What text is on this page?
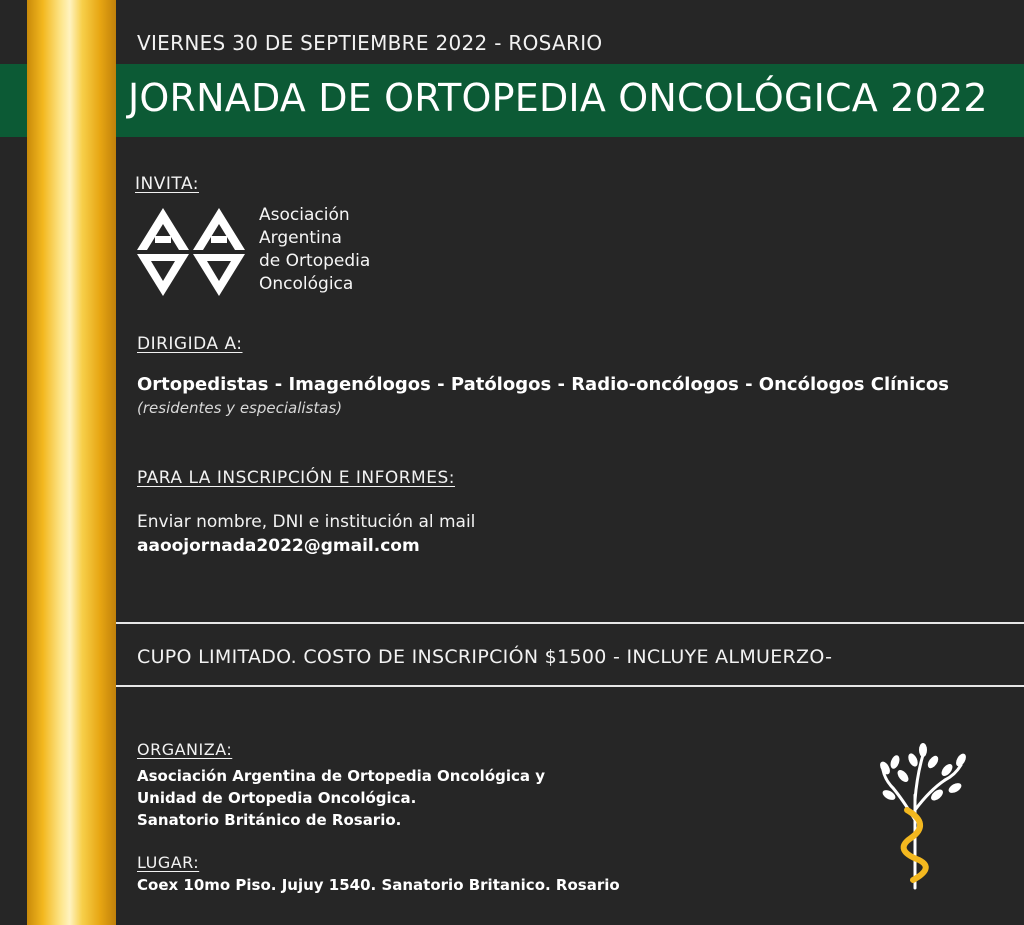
VIERNES 30 DE SEPTIEMBRE 2022 - ROSARIO
JORNADA DE ORTOPEDIA ONCOLÓGICA 2022
INVITA:
Asociación
Argentina
de Ortopedia
Oncológica
DIRIGIDA A:
Ortopedistas - Imagenólogos - Patólogos - Radio-oncólogos - Oncólogos Clínicos
(residentes y especialistas)
PARA LA INSCRIPCIÓN E INFORMES:
Enviar nombre, DNI e institución al mail
aaoojornada2022@gmail.com
CUPO LIMITADO. COSTO DE INSCRIPCIÓN $1500 - INCLUYE ALMUERZO-
ORGANIZA:
Asociación Argentina de Ortopedia Oncológica y
Unidad de Ortopedia Oncológica.
Sanatorio Británico de Rosario.
LUGAR:
Coex 10mo Piso. Jujuy 1540. Sanatorio Britanico. Rosario
